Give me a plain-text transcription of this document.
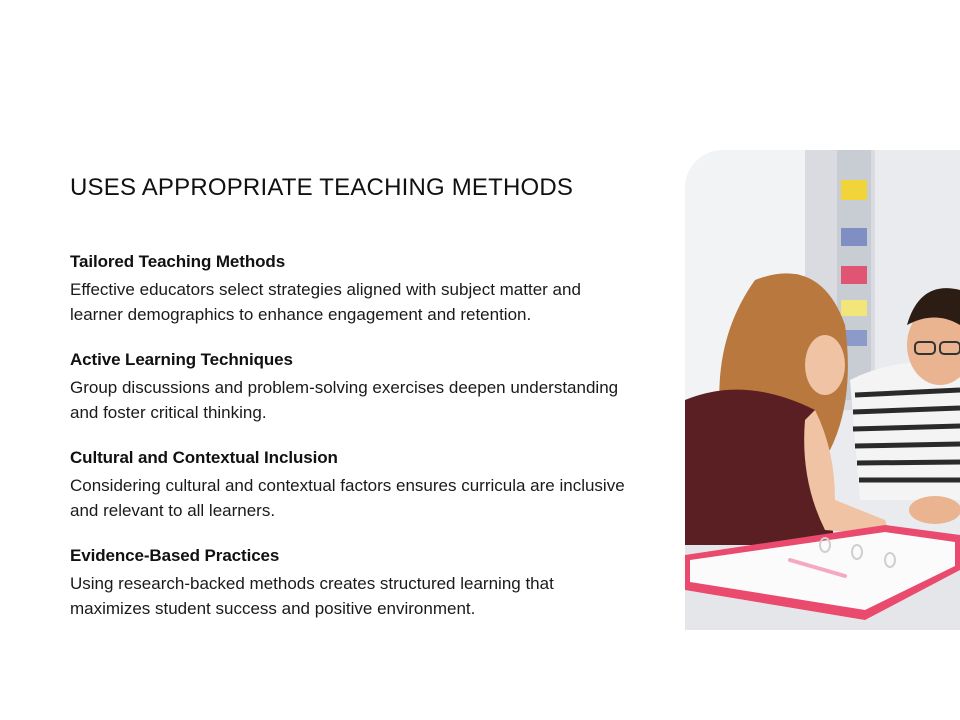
USES APPROPRIATE TEACHING METHODS
Tailored Teaching Methods

Effective educators select strategies aligned with subject matter and learner demographics to enhance engagement and retention.

Active Learning Techniques

Group discussions and problem-solving exercises deepen understanding and foster critical thinking.

Cultural and Contextual Inclusion

Considering cultural and contextual factors ensures curricula are inclusive and relevant to all learners.

Evidence-Based Practices

Using research-backed methods creates structured learning that maximizes student success and positive environment.
